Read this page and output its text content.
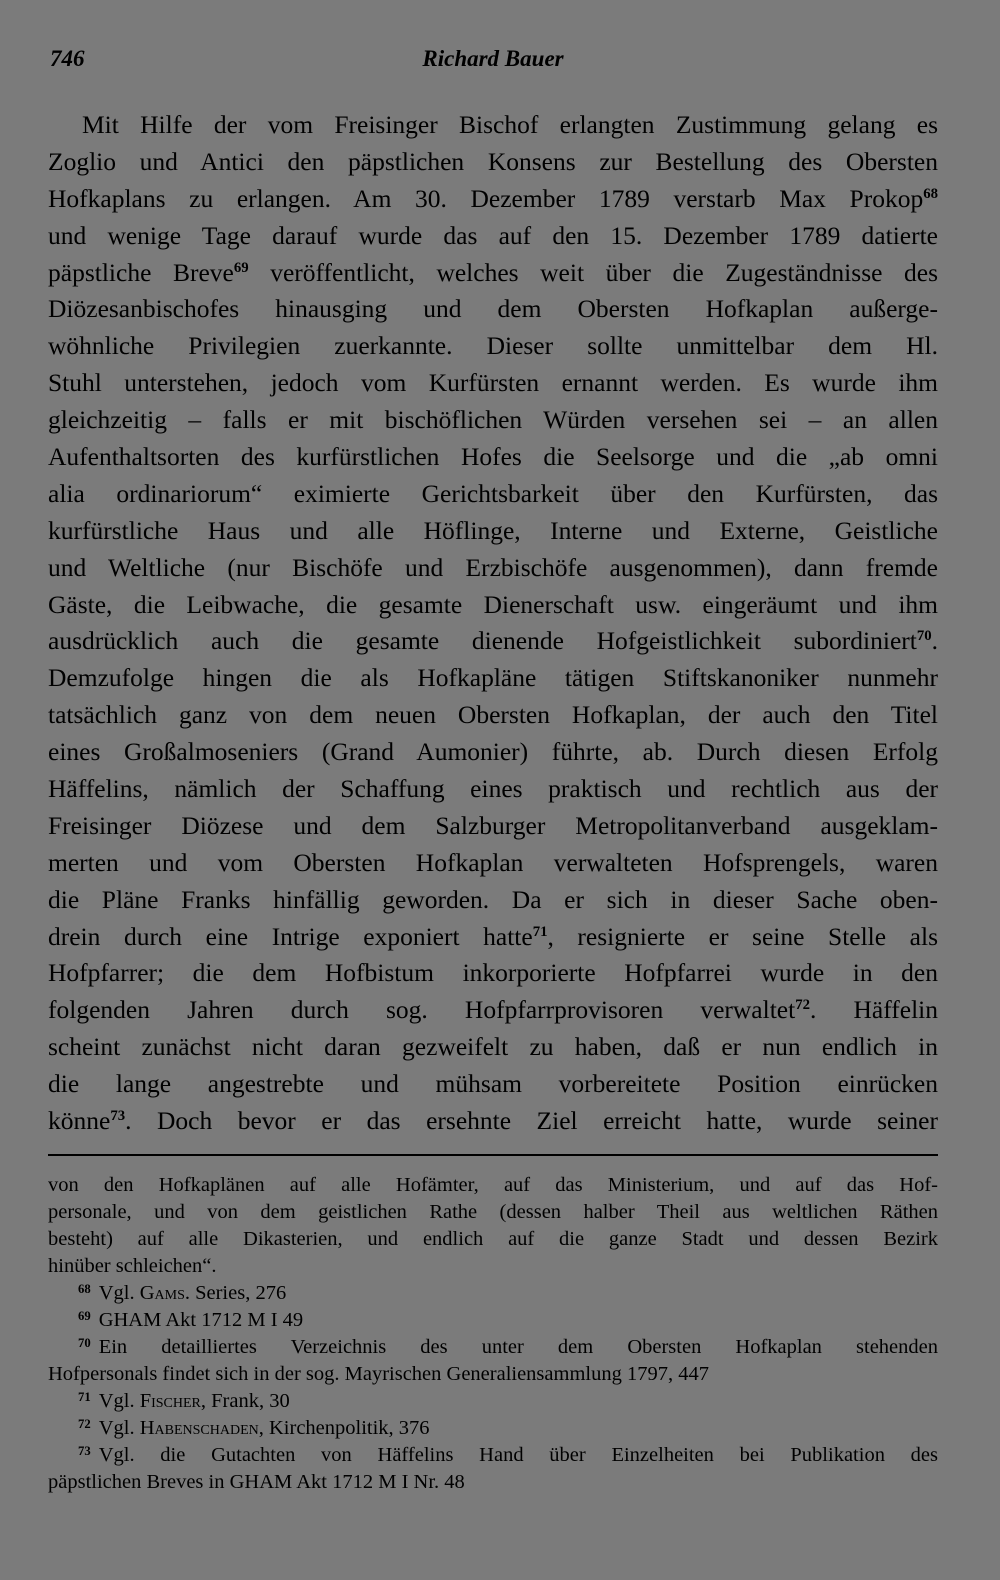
746	Richard Bauer
Mit Hilfe der vom Freisinger Bischof erlangten Zustimmung gelang es
Zoglio und Antici den päpstlichen Konsens zur Bestellung des Obersten
Hofkaplans zu erlangen. Am 30. Dezember 1789 verstarb Max Prokop$^{68}$
und wenige Tage darauf wurde das auf den 15. Dezember 1789 datierte
päpstliche Breve$^{69}$ veröffentlicht, welches weit über die Zugeständnisse des
Diözesanbischofes hinausging und dem Obersten Hofkaplan außerge-
wöhnliche Privilegien zuerkannte. Dieser sollte unmittelbar dem Hl.
Stuhl unterstehen, jedoch vom Kurfürsten ernannt werden. Es wurde ihm
gleichzeitig – falls er mit bischöflichen Würden versehen sei – an allen
Aufenthaltsorten des kurfürstlichen Hofes die Seelsorge und die „ab omni
alia ordinariorum“ eximierte Gerichtsbarkeit über den Kurfürsten, das
kurfürstliche Haus und alle Höflinge, Interne und Externe, Geistliche
und Weltliche (nur Bischöfe und Erzbischöfe ausgenommen), dann fremde
Gäste, die Leibwache, die gesamte Dienerschaft usw. eingeräumt und ihm
ausdrücklich auch die gesamte dienende Hofgeistlichkeit subordiniert$^{70}$.
Demzufolge hingen die als Hofkapläne tätigen Stiftskanoniker nunmehr
tatsächlich ganz von dem neuen Obersten Hofkaplan, der auch den Titel
eines Großalmoseniers (Grand Aumonier) führte, ab. Durch diesen Erfolg
Häffelins, nämlich der Schaffung eines praktisch und rechtlich aus der
Freisinger Diözese und dem Salzburger Metropolitanverband ausgeklam-
merten und vom Obersten Hofkaplan verwalteten Hofsprengels, waren
die Pläne Franks hinfällig geworden. Da er sich in dieser Sache oben-
drein durch eine Intrige exponiert hatte$^{71}$, resignierte er seine Stelle als
Hofpfarrer; die dem Hofbistum inkorporierte Hofpfarrei wurde in den
folgenden Jahren durch sog. Hofpfarrprovisoren verwaltet$^{72}$. Häffelin
scheint zunächst nicht daran gezweifelt zu haben, daß er nun endlich in
die lange angestrebte und mühsam vorbereitete Position einrücken
könne$^{73}$. Doch bevor er das ersehnte Ziel erreicht hatte, wurde seiner
von den Hofkaplänen auf alle Hofämter, auf das Ministerium, und auf das Hof-
personale, und von dem geistlichen Rathe (dessen halber Theil aus weltlichen Räthen
besteht) auf alle Dikasterien, und endlich auf die ganze Stadt und dessen Bezirk
hinüber schleichen“.
$^{68}$ Vgl. Gams. Series, 276
$^{69}$ GHAM Akt 1712 M I 49
$^{70}$ Ein detailliertes Verzeichnis des unter dem Obersten Hofkaplan stehenden
Hofpersonals findet sich in der sog. Mayrischen Generaliensammlung 1797, 447
$^{71}$ Vgl. Fischer, Frank, 30
$^{72}$ Vgl. Habenschaden, Kirchenpolitik, 376
$^{73}$ Vgl. die Gutachten von Häffelins Hand über Einzelheiten bei Publikation des
päpstlichen Breves in GHAM Akt 1712 M I Nr. 48
